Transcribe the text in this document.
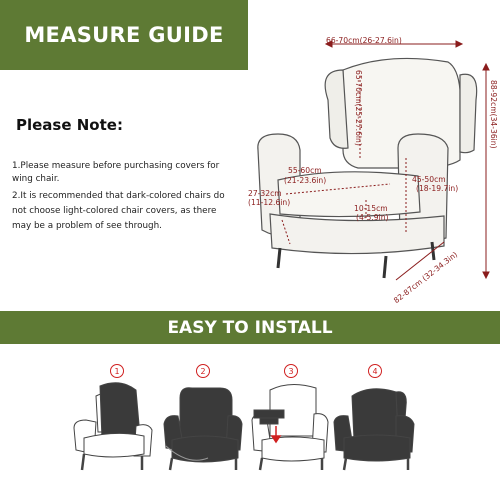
MEASURE GUIDE
Please Note:
1.Please measure before purchasing covers for
wing chair.
2.It is recommended that dark-colored chairs do
not choose light-colored chair covers, as there
may be a problem of see through.
66-70cm(26-27.6in)
65-70cm(25-27.6in)
55-60cm
(21-23.6in)
27-32cm
(11-12.6in)
10-15cm
(4-5.9in)
45-50cm
(18-19.7in)
88-92cm(34-36in)
82-87cm (32-34.3in)
EASY TO INSTALL
1	2	3	4
